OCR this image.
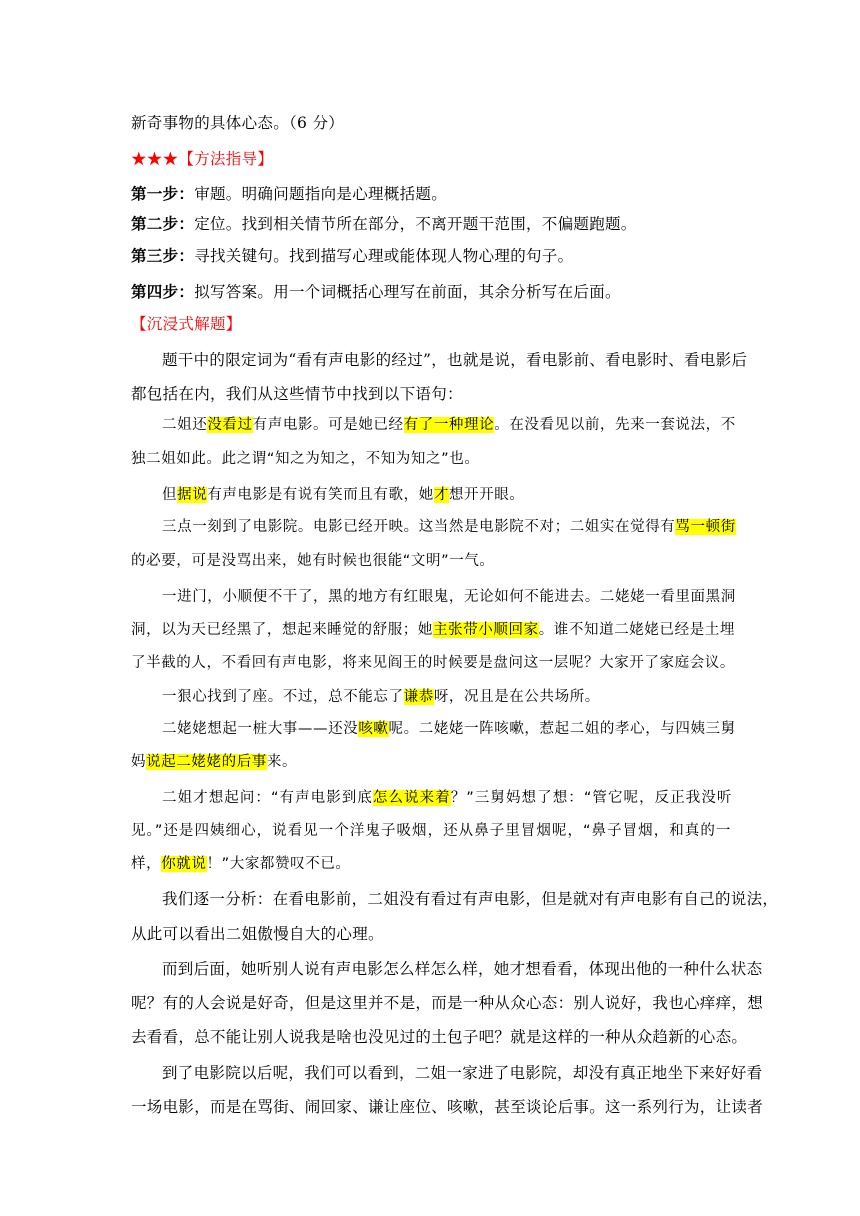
新奇事物的具体心态。（6 分）
★★★【方法指导】
第一步：审题。明确问题指向是心理概括题。
第二步：定位。找到相关情节所在部分，不离开题干范围，不偏题跑题。
第三步：寻找关键句。找到描写心理或能体现人物心理的句子。
第四步：拟写答案。用一个词概括心理写在前面，其余分析写在后面。
【沉浸式解题】
题干中的限定词为“看有声电影的经过”，也就是说，看电影前、看电影时、看电影后
都包括在内，我们从这些情节中找到以下语句：
二姐还没看过有声电影。可是她已经有了一种理论。在没看见以前，先来一套说法，不
独二姐如此。此之谓“知之为知之，不知为知之”也。
但据说有声电影是有说有笑而且有歌，她才想开开眼。
三点一刻到了电影院。电影已经开映。这当然是电影院不对；二姐实在觉得有骂一顿街
的必要，可是没骂出来，她有时候也很能“文明”一气。
一进门，小顺便不干了，黑的地方有红眼鬼，无论如何不能进去。二姥姥一看里面黑洞
洞，以为天已经黑了，想起来睡觉的舒服；她主张带小顺回家。谁不知道二姥姥已经是土埋
了半截的人，不看回有声电影，将来见阎王的时候要是盘问这一层呢？大家开了家庭会议。
一狠心找到了座。不过，总不能忘了谦恭呀，况且是在公共场所。
二姥姥想起一桩大事——还没咳嗽呢。二姥姥一阵咳嗽，惹起二姐的孝心，与四姨三舅
妈说起二姥姥的后事来。
二姐才想起问：“有声电影到底怎么说来着？”三舅妈想了想：“管它呢，反正我没听
见。”还是四姨细心，说看见一个洋鬼子吸烟，还从鼻子里冒烟呢，“鼻子冒烟，和真的一
样，你就说！”大家都赞叹不已。
我们逐一分析：在看电影前，二姐没有看过有声电影，但是就对有声电影有自己的说法，
从此可以看出二姐傲慢自大的心理。
而到后面，她听别人说有声电影怎么样怎么样，她才想看看，体现出他的一种什么状态
呢？有的人会说是好奇，但是这里并不是，而是一种从众心态：别人说好，我也心痒痒，想
去看看，总不能让别人说我是啥也没见过的土包子吧？就是这样的一种从众趋新的心态。
到了电影院以后呢，我们可以看到，二姐一家进了电影院，却没有真正地坐下来好好看
一场电影，而是在骂街、闹回家、谦让座位、咳嗽，甚至谈论后事。这一系列行为，让读者
